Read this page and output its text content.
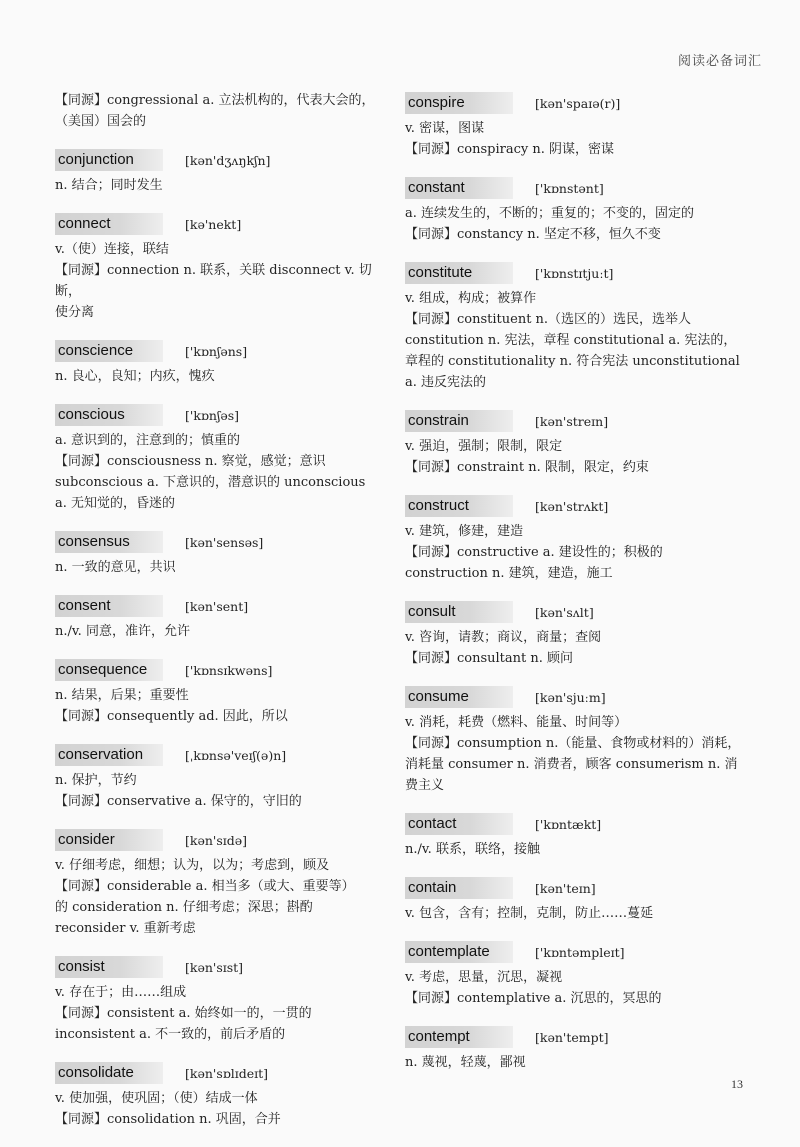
阅读必备词汇
【同源】congressional a. 立法机构的，代表大会的，
（美国）国会的
conjunction	[kən'dʒʌŋkʃn]
n. 结合；同时发生
connect	[kə'nekt]
v.（使）连接，联结
【同源】connection n. 联系，关联 disconnect v. 切断，
使分离
conscience	['kɒnʃəns]
n. 良心，良知；内疚，愧疚
conscious	['kɒnʃəs]
a. 意识到的，注意到的；慎重的
【同源】consciousness n. 察觉，感觉；意识
subconscious a. 下意识的，潜意识的 unconscious
a. 无知觉的，昏迷的
consensus	[kən'sensəs]
n. 一致的意见，共识
consent	[kən'sent]
n./v. 同意，准许，允许
consequence	['kɒnsɪkwəns]
n. 结果，后果；重要性
【同源】consequently ad. 因此，所以
conservation	[ˌkɒnsə'veɪʃ(ə)n]
n. 保护，节约
【同源】conservative a. 保守的，守旧的
consider	[kən'sɪdə]
v. 仔细考虑，细想；认为，以为；考虑到，顾及
【同源】considerable a. 相当多（或大、重要等）
的 consideration n. 仔细考虑；深思；斟酌
reconsider v. 重新考虑
consist	[kən'sɪst]
v. 存在于；由……组成
【同源】consistent a. 始终如一的，一贯的
inconsistent a. 不一致的，前后矛盾的
consolidate	[kən'sɒlɪdeɪt]
v. 使加强，使巩固；（使）结成一体
【同源】consolidation n. 巩固，合并
conspire	[kən'spaɪə(r)]
v. 密谋，图谋
【同源】conspiracy n. 阴谋，密谋
constant	['kɒnstənt]
a. 连续发生的，不断的；重复的；不变的，固定的
【同源】constancy n. 坚定不移，恒久不变
constitute	['kɒnstɪtjuːt]
v. 组成，构成；被算作
【同源】constituent n.（选区的）选民，选举人
constitution n. 宪法，章程 constitutional a. 宪法的，
章程的 constitutionality n. 符合宪法 unconstitutional
a. 违反宪法的
constrain	[kən'streɪn]
v. 强迫，强制；限制，限定
【同源】constraint n. 限制，限定，约束
construct	[kən'strʌkt]
v. 建筑，修建，建造
【同源】constructive a. 建设性的；积极的
construction n. 建筑，建造，施工
consult	[kən'sʌlt]
v. 咨询，请教；商议，商量；查阅
【同源】consultant n. 顾问
consume	[kən'sjuːm]
v. 消耗，耗费（燃料、能量、时间等）
【同源】consumption n.（能量、食物或材料的）消耗，
消耗量 consumer n. 消费者，顾客 consumerism n. 消
费主义
contact	['kɒntækt]
n./v. 联系，联络，接触
contain	[kən'teɪn]
v. 包含，含有；控制，克制，防止……蔓延
contemplate	['kɒntəmpleɪt]
v. 考虑，思量，沉思，凝视
【同源】contemplative a. 沉思的，冥思的
contempt	[kən'tempt]
n. 蔑视，轻蔑，鄙视
13
